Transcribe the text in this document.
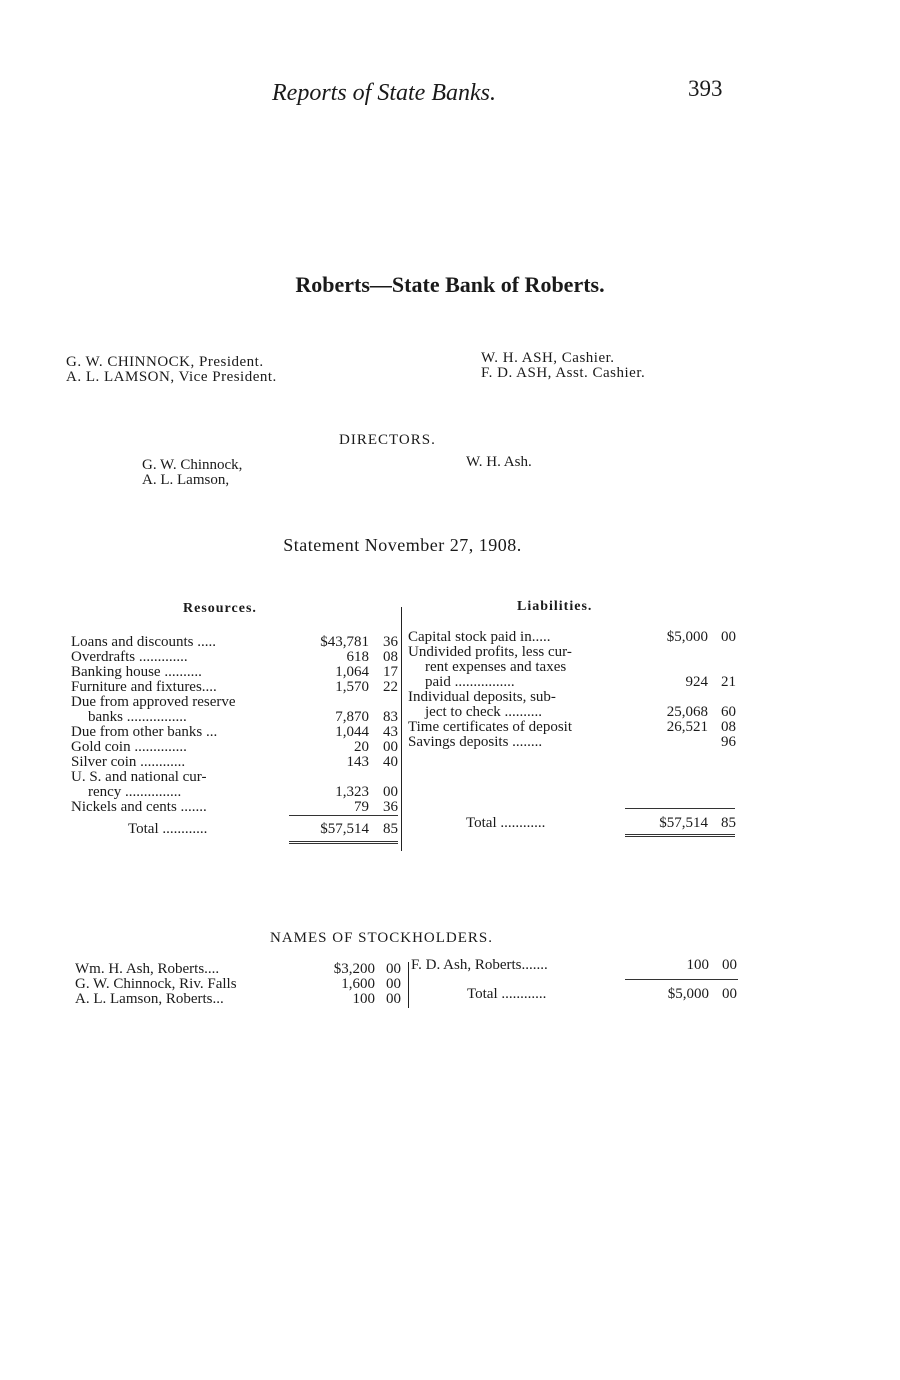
Reports of State Banks.	393
Roberts—State Bank of Roberts.
G. W. CHINNOCK, President.
A. L. LAMSON, Vice President.
W. H. ASH, Cashier.
F. D. ASH, Asst. Cashier.
DIRECTORS.
G. W. Chinnock,
A. L. Lamson,
W. H. Ash.
Statement November 27, 1908.
Resources.	Liabilities.
Loans and discounts .....	$43,781 36
Overdrafts .............	618 08
Banking house ..........	1,064 17
Furniture and fixtures....	1,570 22
Due from approved reserve
banks ................	7,870 83
Due from other banks ...	1,044 43
Gold coin ..............	20 00
Silver coin ............	143 40
U. S. and national cur-
rency ...............	1,323 00
Nickels and cents .......	79 36
Total ............	$57,514 85
Capital stock paid in.....	$5,000 00
Undivided profits, less cur-
rent expenses and taxes
paid ................	924 21
Individual deposits, sub-
ject to check ..........	25,068 60
Time certificates of deposit	26,521 08
Savings deposits ........	96
Total ............	$57,514 85
NAMES OF STOCKHOLDERS.
Wm. H. Ash, Roberts....	$3,200 00
G. W. Chinnock, Riv. Falls	1,600 00
A. L. Lamson, Roberts...	100 00
F. D. Ash, Roberts.......	100 00
Total ............	$5,000 00
